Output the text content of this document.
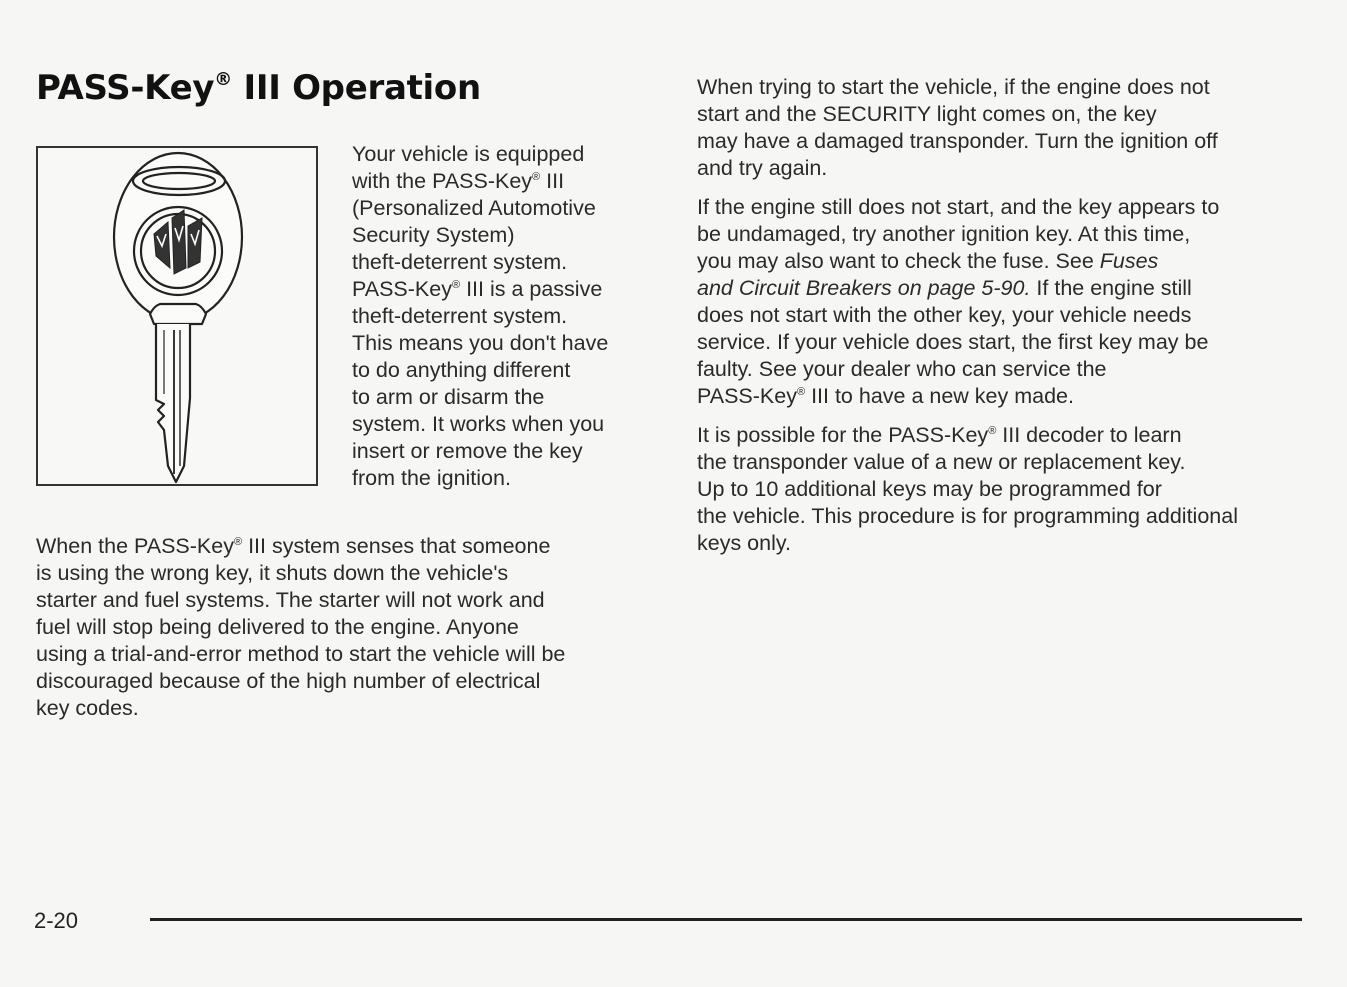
PASS-Key® III Operation

Your vehicle is equipped
with the PASS-Key® III
(Personalized Automotive
Security System)
theft-deterrent system.
PASS-Key® III is a passive
theft-deterrent system.
This means you don't have
to do anything different
to arm or disarm the
system. It works when you
insert or remove the key
from the ignition.

When the PASS-Key® III system senses that someone
is using the wrong key, it shuts down the vehicle's
starter and fuel systems. The starter will not work and
fuel will stop being delivered to the engine. Anyone
using a trial-and-error method to start the vehicle will be
discouraged because of the high number of electrical
key codes.

When trying to start the vehicle, if the engine does not
start and the SECURITY light comes on, the key
may have a damaged transponder. Turn the ignition off
and try again.

If the engine still does not start, and the key appears to
be undamaged, try another ignition key. At this time,
you may also want to check the fuse. See Fuses
and Circuit Breakers on page 5-90. If the engine still
does not start with the other key, your vehicle needs
service. If your vehicle does start, the first key may be
faulty. See your dealer who can service the
PASS-Key® III to have a new key made.

It is possible for the PASS-Key® III decoder to learn
the transponder value of a new or replacement key.
Up to 10 additional keys may be programmed for
the vehicle. This procedure is for programming additional
keys only.

2-20
